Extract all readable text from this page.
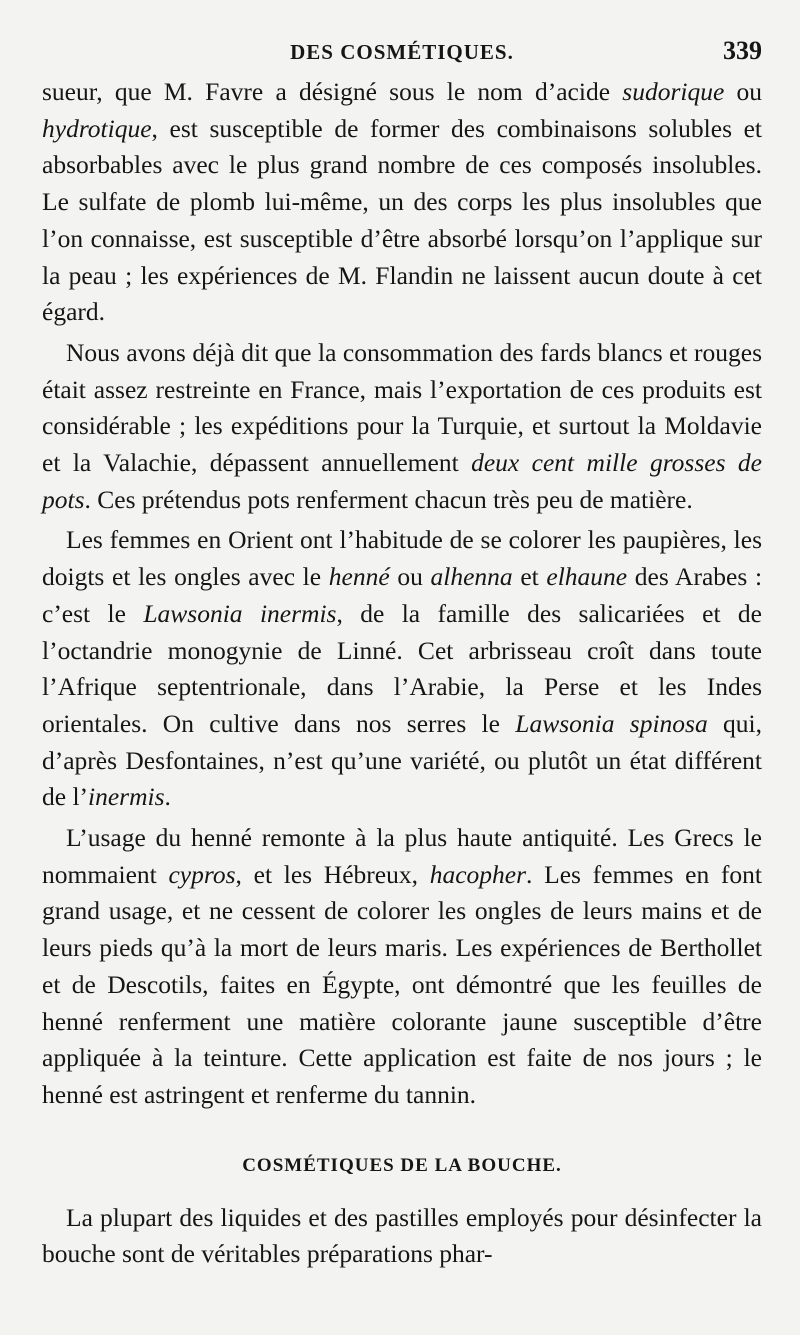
DES COSMÉTIQUES.	339

sueur, que M. Favre a désigné sous le nom d’acide sudorique ou hydrotique, est susceptible de former des combinaisons solubles et absorbables avec le plus grand nombre de ces composés insolubles. Le sulfate de plomb lui-même, un des corps les plus insolubles que l’on connaisse, est susceptible d’être absorbé lorsqu’on l’applique sur la peau ; les expériences de M. Flandin ne laissent aucun doute à cet égard.

Nous avons déjà dit que la consommation des fards blancs et rouges était assez restreinte en France, mais l’exportation de ces produits est considérable ; les expéditions pour la Turquie, et surtout la Moldavie et la Valachie, dépassent annuellement deux cent mille grosses de pots. Ces prétendus pots renferment chacun très peu de matière.

Les femmes en Orient ont l’habitude de se colorer les paupières, les doigts et les ongles avec le henné ou alhenna et elhaune des Arabes : c’est le Lawsonia inermis, de la famille des salicariées et de l’octandrie monogynie de Linné. Cet arbrisseau croît dans toute l’Afrique septentrionale, dans l’Arabie, la Perse et les Indes orientales. On cultive dans nos serres le Lawsonia spinosa qui, d’après Desfontaines, n’est qu’une variété, ou plutôt un état différent de l’inermis.

L’usage du henné remonte à la plus haute antiquité. Les Grecs le nommaient cypros, et les Hébreux, hacopher. Les femmes en font grand usage, et ne cessent de colorer les ongles de leurs mains et de leurs pieds qu’à la mort de leurs maris. Les expériences de Berthollet et de Descotils, faites en Égypte, ont démontré que les feuilles de henné renferment une matière colorante jaune susceptible d’être appliquée à la teinture. Cette application est faite de nos jours ; le henné est astringent et renferme du tannin.

COSMÉTIQUES DE LA BOUCHE.

La plupart des liquides et des pastilles employés pour désinfecter la bouche sont de véritables préparations phar-
